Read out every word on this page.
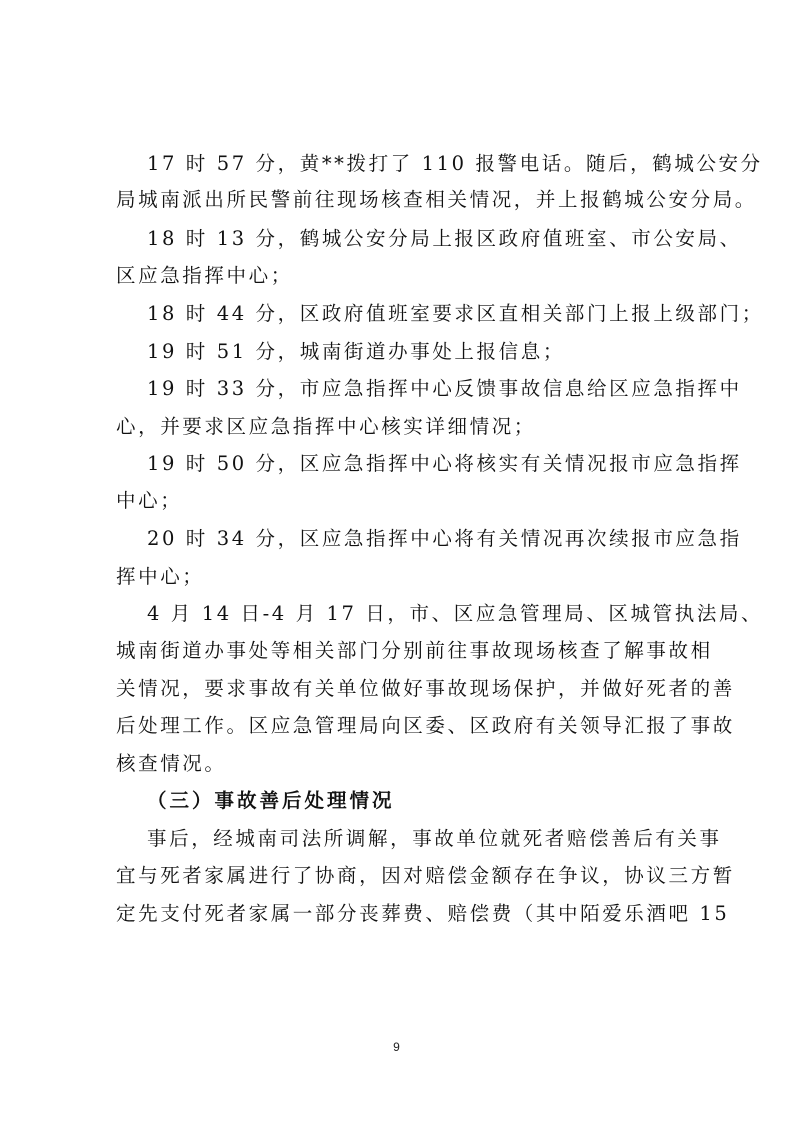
17 时 57 分，黄**拨打了 110 报警电话。随后，鹤城公安分
局城南派出所民警前往现场核查相关情况，并上报鹤城公安分局。
18 时 13 分，鹤城公安分局上报区政府值班室、市公安局、
区应急指挥中心；
18 时 44 分，区政府值班室要求区直相关部门上报上级部门；
19 时 51 分，城南街道办事处上报信息；
19 时 33 分，市应急指挥中心反馈事故信息给区应急指挥中
心，并要求区应急指挥中心核实详细情况；
19 时 50 分，区应急指挥中心将核实有关情况报市应急指挥
中心；
20 时 34 分，区应急指挥中心将有关情况再次续报市应急指
挥中心；
4 月 14 日-4 月 17 日，市、区应急管理局、区城管执法局、
城南街道办事处等相关部门分别前往事故现场核查了解事故相
关情况，要求事故有关单位做好事故现场保护，并做好死者的善
后处理工作。区应急管理局向区委、区政府有关领导汇报了事故
核查情况。
（三）事故善后处理情况
事后，经城南司法所调解，事故单位就死者赔偿善后有关事
宜与死者家属进行了协商，因对赔偿金额存在争议，协议三方暂
定先支付死者家属一部分丧葬费、赔偿费（其中陌爱乐酒吧 15
9
